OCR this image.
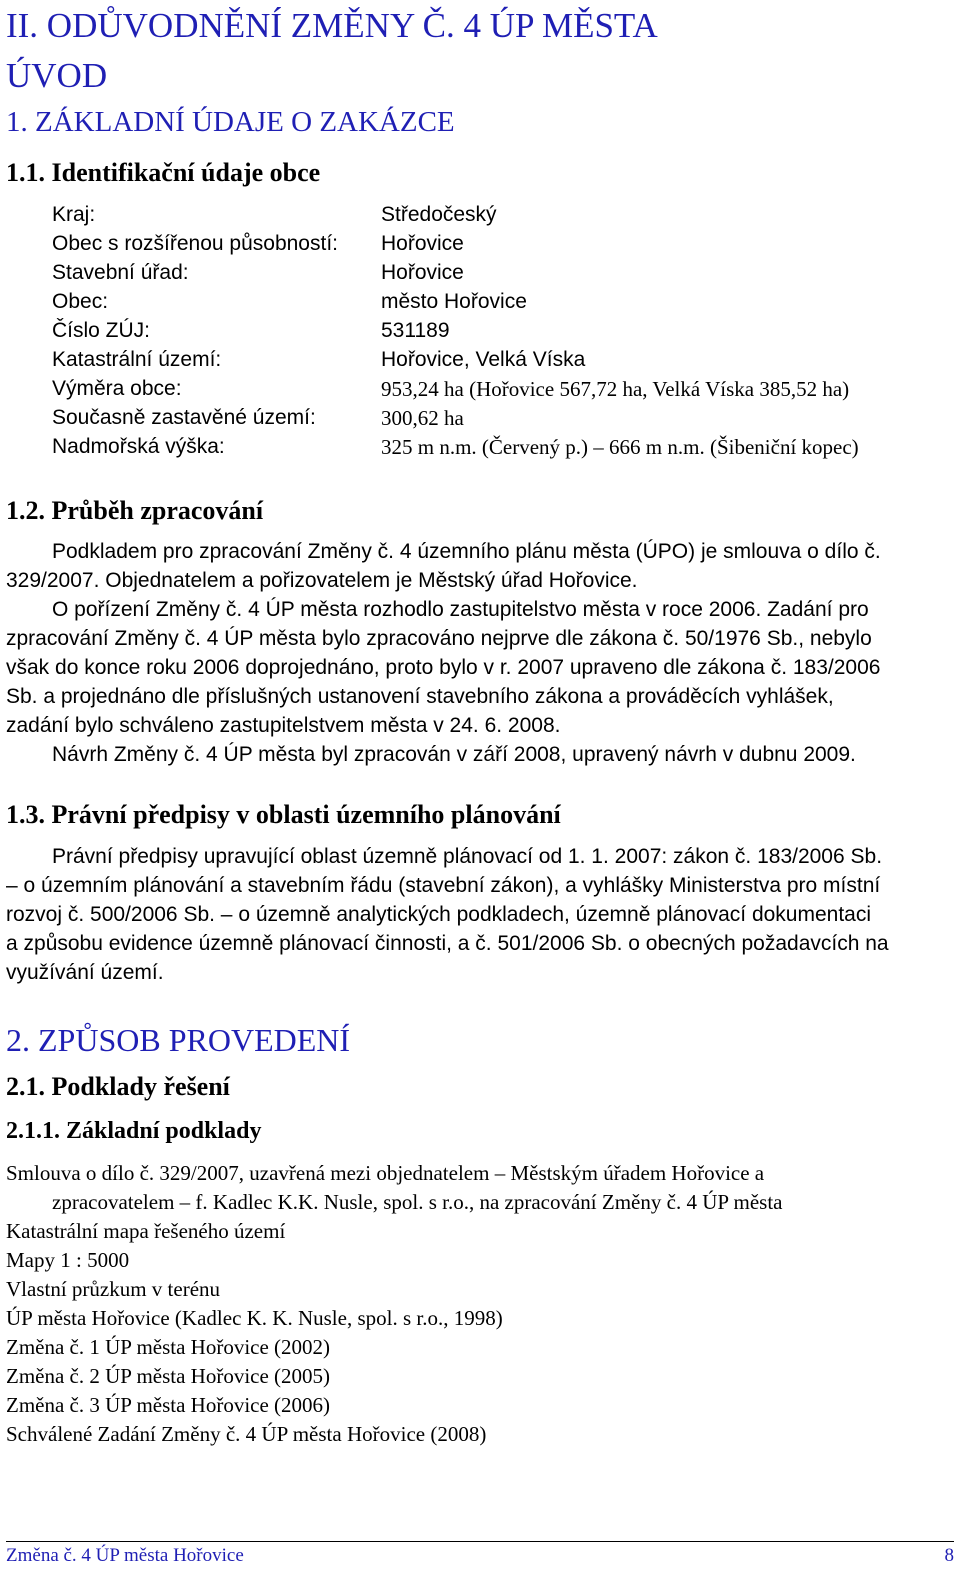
II. ODŮVODNĚNÍ ZMĚNY Č. 4 ÚP MĚSTA
ÚVOD
1. ZÁKLADNÍ ÚDAJE O ZAKÁZCE
1.1. Identifikační údaje obce
Kraj:	Středočeský
Obec s rozšířenou působností: Hořovice
Stavební úřad:	Hořovice
Obec:	město Hořovice
Číslo ZÚJ:	531189
Katastrální území:	Hořovice, Velká Víska
Výměra obce:	953,24 ha (Hořovice 567,72 ha, Velká Víska 385,52 ha)
Současně zastavěné území:	300,62 ha
Nadmořská výška:	325 m n.m. (Červený p.) – 666 m n.m. (Šibeniční kopec)
1.2. Průběh zpracování
Podkladem pro zpracování Změny č. 4 územního plánu města (ÚPO) je smlouva o dílo č.
329/2007. Objednatelem a pořizovatelem je Městský úřad Hořovice.
O pořízení Změny č. 4 ÚP města rozhodlo zastupitelstvo města v roce 2006. Zadání pro
zpracování Změny č. 4 ÚP města bylo zpracováno nejprve dle zákona č. 50/1976 Sb., nebylo
však do konce roku 2006 doprojednáno, proto bylo v r. 2007 upraveno dle zákona č. 183/2006
Sb. a projednáno dle příslušných ustanovení stavebního zákona a prováděcích vyhlášek,
zadání bylo schváleno zastupitelstvem města v 24. 6. 2008.
Návrh Změny č. 4 ÚP města byl zpracován v září 2008, upravený návrh v dubnu 2009.
1.3. Právní předpisy v oblasti územního plánování
Právní předpisy upravující oblast územně plánovací od 1. 1. 2007: zákon č. 183/2006 Sb.
– o územním plánování a stavebním řádu (stavební zákon), a vyhlášky Ministerstva pro místní
rozvoj č. 500/2006 Sb. – o územně analytických podkladech, územně plánovací dokumentaci
a způsobu evidence územně plánovací činnosti, a č. 501/2006 Sb. o obecných požadavcích na
využívání území.
2. ZPŮSOB PROVEDENÍ
2.1. Podklady řešení
2.1.1. Základní podklady
Smlouva o dílo č. 329/2007, uzavřená mezi objednatelem – Městským úřadem Hořovice a
zpracovatelem – f. Kadlec K.K. Nusle, spol. s r.o., na zpracování Změny č. 4 ÚP města
Katastrální mapa řešeného území
Mapy 1 : 5000
Vlastní průzkum v terénu
ÚP města Hořovice (Kadlec K. K. Nusle, spol. s r.o., 1998)
Změna č. 1 ÚP města Hořovice (2002)
Změna č. 2 ÚP města Hořovice (2005)
Změna č. 3 ÚP města Hořovice (2006)
Schválené Zadání Změny č. 4 ÚP města Hořovice (2008)
Změna č. 4 ÚP města Hořovice	8
